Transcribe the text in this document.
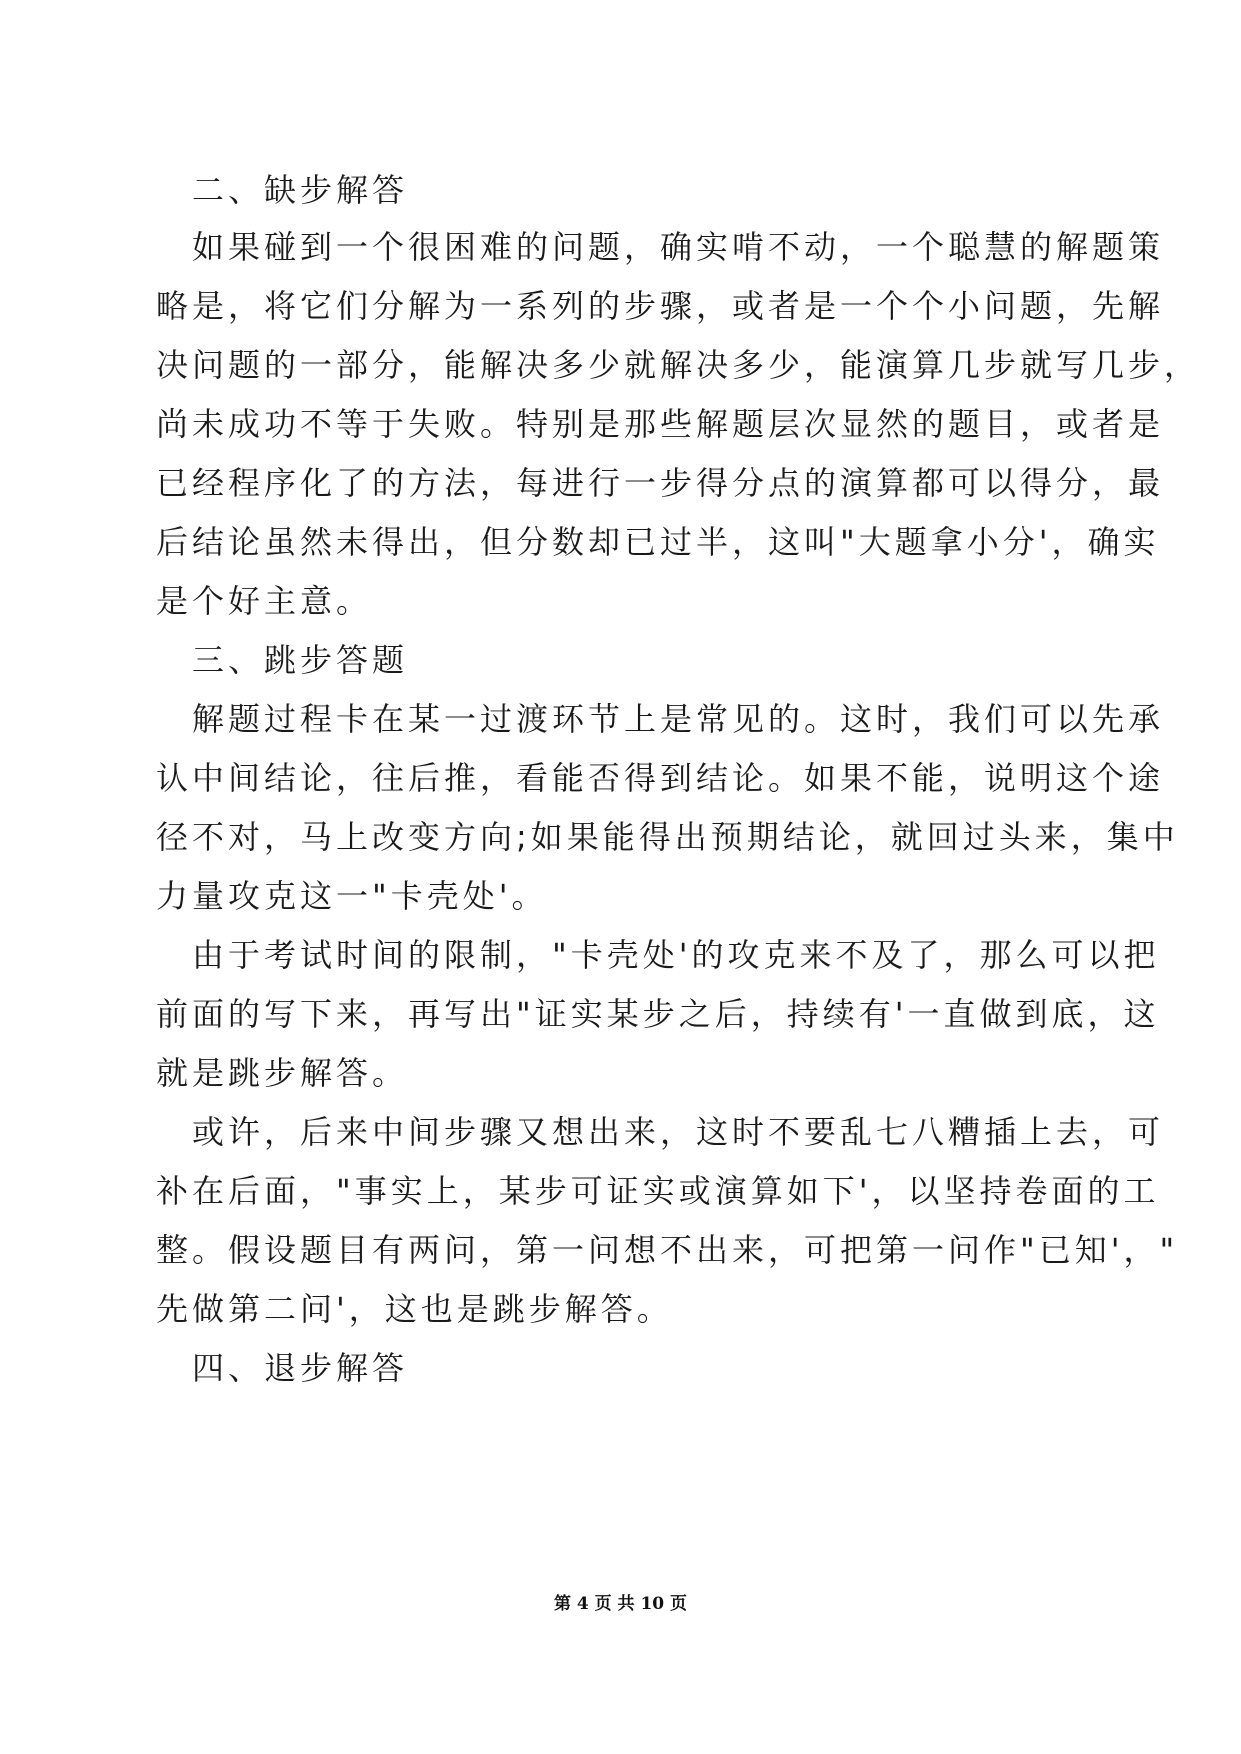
二、缺步解答
如果碰到一个很困难的问题，确实啃不动，一个聪慧的解题策
略是，将它们分解为一系列的步骤，或者是一个个小问题，先解
决问题的一部分，能解决多少就解决多少，能演算几步就写几步，
尚未成功不等于失败。特别是那些解题层次显然的题目，或者是
已经程序化了的方法，每进行一步得分点的演算都可以得分，最
后结论虽然未得出，但分数却已过半，这叫"大题拿小分'，确实
是个好主意。
三、跳步答题
解题过程卡在某一过渡环节上是常见的。这时，我们可以先承
认中间结论，往后推，看能否得到结论。如果不能，说明这个途
径不对，马上改变方向;如果能得出预期结论，就回过头来，集中
力量攻克这一"卡壳处'。
由于考试时间的限制，"卡壳处'的攻克来不及了，那么可以把
前面的写下来，再写出"证实某步之后，持续有'一直做到底，这
就是跳步解答。
或许，后来中间步骤又想出来，这时不要乱七八糟插上去，可
补在后面，"事实上，某步可证实或演算如下'，以坚持卷面的工
整。假设题目有两问，第一问想不出来，可把第一问作"已知'，"
先做第二问'，这也是跳步解答。
四、退步解答
第 4 页 共 10 页
